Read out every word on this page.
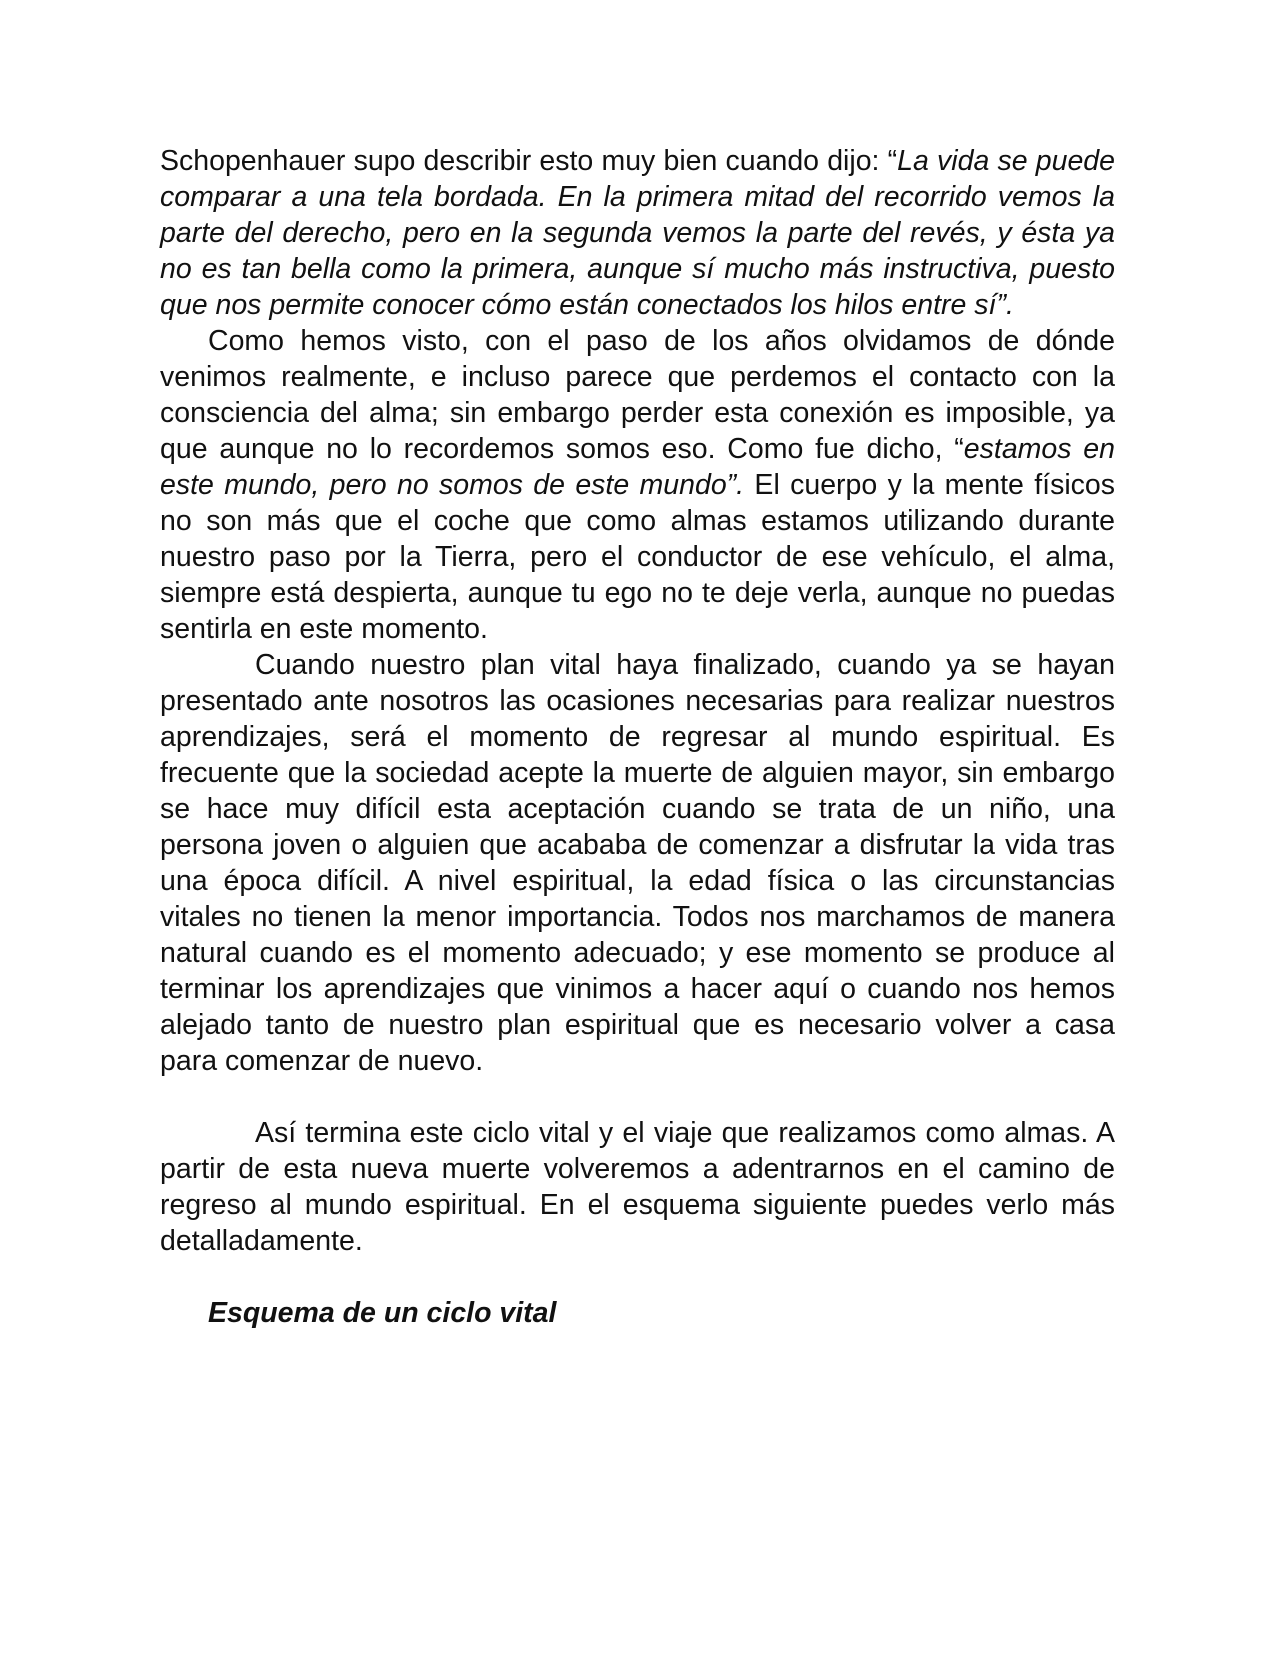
Schopenhauer supo describir esto muy bien cuando dijo: “La vida se puede comparar a una tela bordada. En la primera mitad del recorrido vemos la parte del derecho, pero en la segunda vemos la parte del revés, y ésta ya no es tan bella como la primera, aunque sí mucho más instructiva, puesto que nos permite conocer cómo están conectados los hilos entre sí”.

Como hemos visto, con el paso de los años olvidamos de dónde venimos realmente, e incluso parece que perdemos el contacto con la consciencia del alma; sin embargo perder esta conexión es imposible, ya que aunque no lo recordemos somos eso. Como fue dicho, “estamos en este mundo, pero no somos de este mundo”. El cuerpo y la mente físicos no son más que el coche que como almas estamos utilizando durante nuestro paso por la Tierra, pero el conductor de ese vehículo, el alma, siempre está despierta, aunque tu ego no te deje verla, aunque no puedas sentirla en este momento.

Cuando nuestro plan vital haya finalizado, cuando ya se hayan presentado ante nosotros las ocasiones necesarias para realizar nuestros aprendizajes, será el momento de regresar al mundo espiritual. Es frecuente que la sociedad acepte la muerte de alguien mayor, sin embargo se hace muy difícil esta aceptación cuando se trata de un niño, una persona joven o alguien que acababa de comenzar a disfrutar la vida tras una época difícil. A nivel espiritual, la edad física o las circunstancias vitales no tienen la menor importancia. Todos nos marchamos de manera natural cuando es el momento adecuado; y ese momento se produce al terminar los aprendizajes que vinimos a hacer aquí o cuando nos hemos alejado tanto de nuestro plan espiritual que es necesario volver a casa para comenzar de nuevo.

Así termina este ciclo vital y el viaje que realizamos como almas. A partir de esta nueva muerte volveremos a adentrarnos en el camino de regreso al mundo espiritual. En el esquema siguiente puedes verlo más detalladamente.

Esquema de un ciclo vital
